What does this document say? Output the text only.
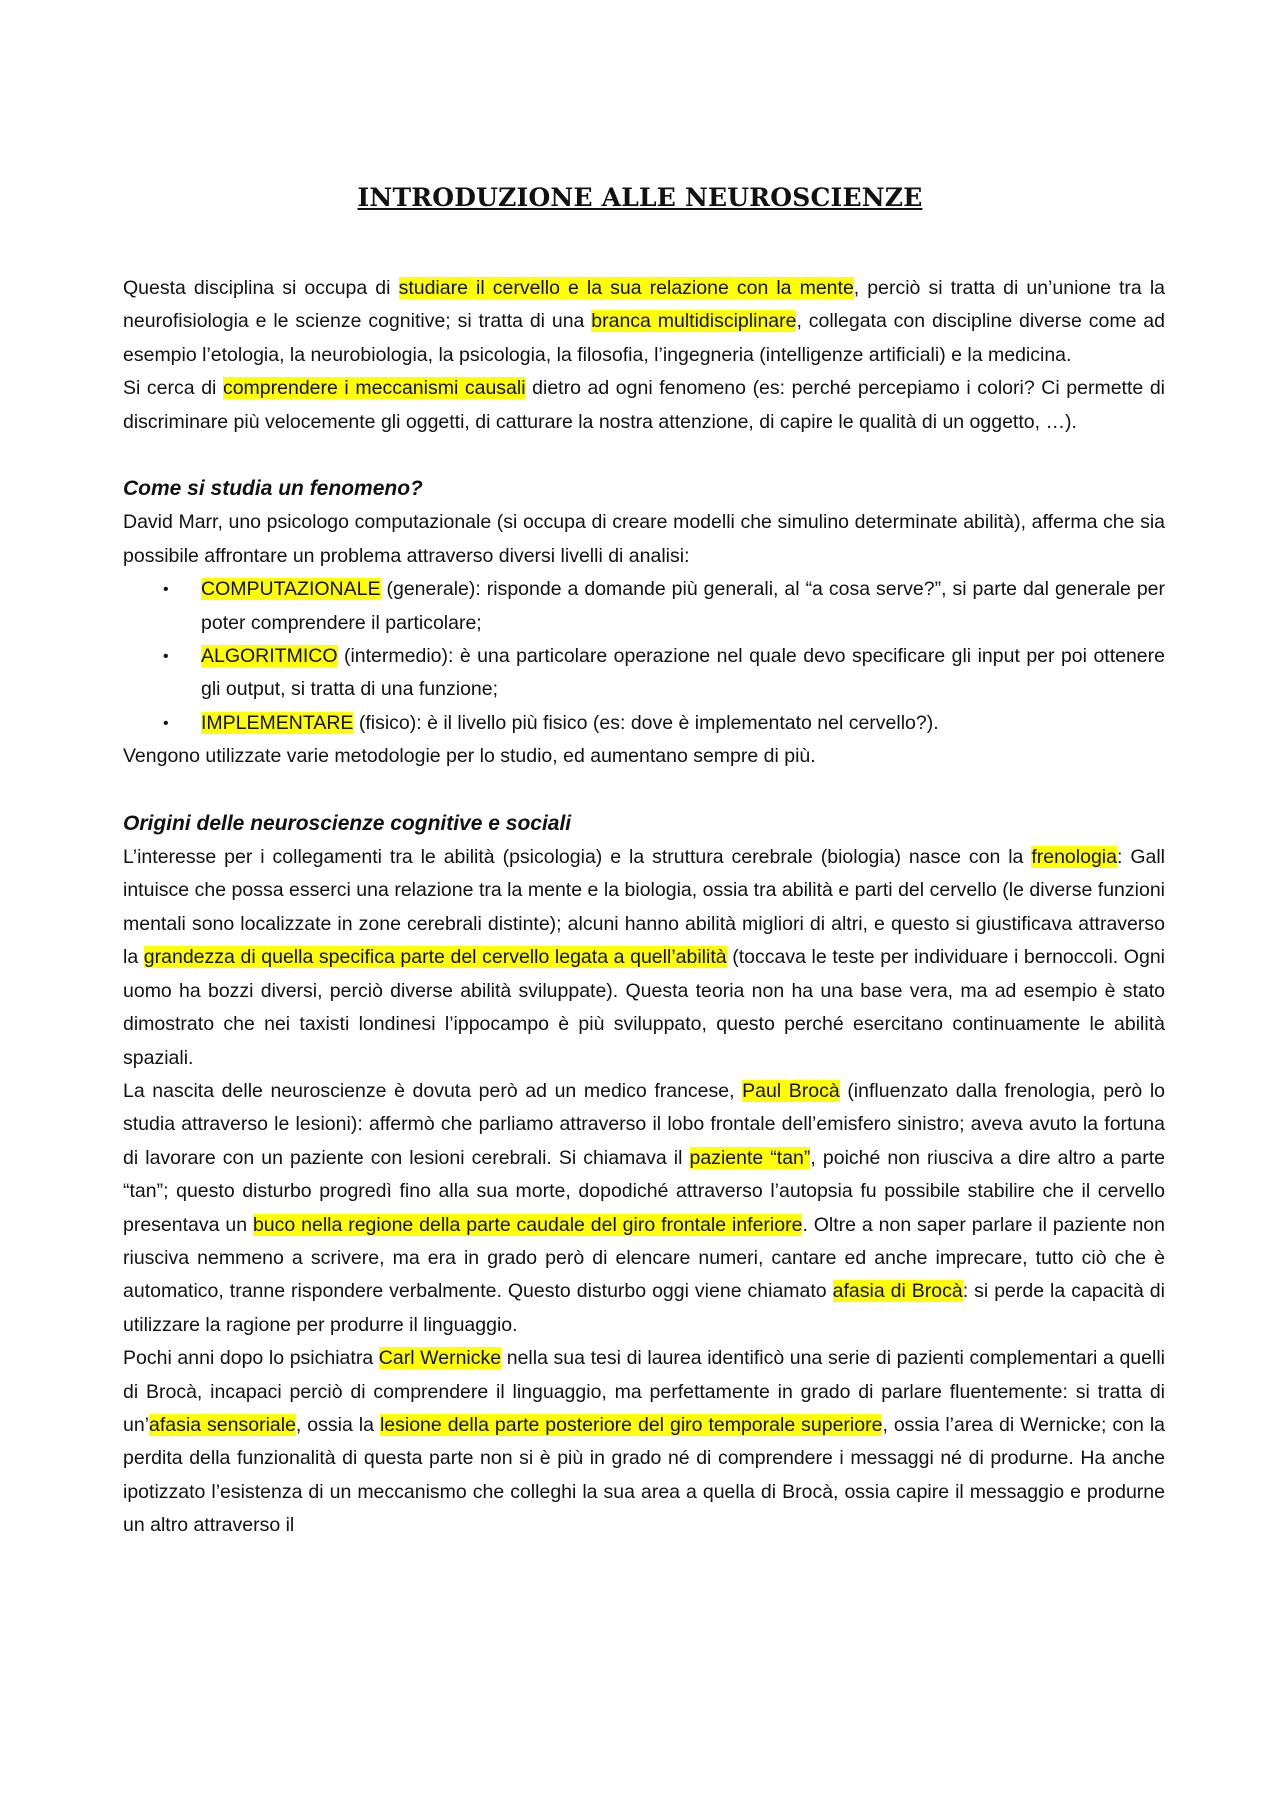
INTRODUZIONE ALLE NEUROSCIENZE

Questa disciplina si occupa di studiare il cervello e la sua relazione con la mente, perciò si tratta di un’unione tra la neurofisiologia e le scienze cognitive; si tratta di una branca multidisciplinare, collegata con discipline diverse come ad esempio l’etologia, la neurobiologia, la psicologia, la filosofia, l’ingegneria (intelligenze artificiali) e la medicina.

Si cerca di comprendere i meccanismi causali dietro ad ogni fenomeno (es: perché percepiamo i colori? Ci permette di discriminare più velocemente gli oggetti, di catturare la nostra attenzione, di capire le qualità di un oggetto, …).

Come si studia un fenomeno?

David Marr, uno psicologo computazionale (si occupa di creare modelli che simulino determinate abilità), afferma che sia possibile affrontare un problema attraverso diversi livelli di analisi:

• COMPUTAZIONALE (generale): risponde a domande più generali, al “a cosa serve?”, si parte dal generale per poter comprendere il particolare;
• ALGORITMICO (intermedio): è una particolare operazione nel quale devo specificare gli input per poi ottenere gli output, si tratta di una funzione;
• IMPLEMENTARE (fisico): è il livello più fisico (es: dove è implementato nel cervello?).

Vengono utilizzate varie metodologie per lo studio, ed aumentano sempre di più.

Origini delle neuroscienze cognitive e sociali

L’interesse per i collegamenti tra le abilità (psicologia) e la struttura cerebrale (biologia) nasce con la frenologia: Gall intuisce che possa esserci una relazione tra la mente e la biologia, ossia tra abilità e parti del cervello (le diverse funzioni mentali sono localizzate in zone cerebrali distinte); alcuni hanno abilità migliori di altri, e questo si giustificava attraverso la grandezza di quella specifica parte del cervello legata a quell’abilità (toccava le teste per individuare i bernoccoli. Ogni uomo ha bozzi diversi, perciò diverse abilità sviluppate). Questa teoria non ha una base vera, ma ad esempio è stato dimostrato che nei taxisti londinesi l’ippocampo è più sviluppato, questo perché esercitano continuamente le abilità spaziali.

La nascita delle neuroscienze è dovuta però ad un medico francese, Paul Brocà (influenzato dalla frenologia, però lo studia attraverso le lesioni): affermò che parliamo attraverso il lobo frontale dell’emisfero sinistro; aveva avuto la fortuna di lavorare con un paziente con lesioni cerebrali. Si chiamava il paziente “tan”, poiché non riusciva a dire altro a parte “tan”; questo disturbo progredì fino alla sua morte, dopodiché attraverso l’autopsia fu possibile stabilire che il cervello presentava un buco nella regione della parte caudale del giro frontale inferiore. Oltre a non saper parlare il paziente non riusciva nemmeno a scrivere, ma era in grado però di elencare numeri, cantare ed anche imprecare, tutto ciò che è automatico, tranne rispondere verbalmente. Questo disturbo oggi viene chiamato afasia di Brocà: si perde la capacità di utilizzare la ragione per produrre il linguaggio.

Pochi anni dopo lo psichiatra Carl Wernicke nella sua tesi di laurea identificò una serie di pazienti complementari a quelli di Brocà, incapaci perciò di comprendere il linguaggio, ma perfettamente in grado di parlare fluentemente: si tratta di un’afasia sensoriale, ossia la lesione della parte posteriore del giro temporale superiore, ossia l’area di Wernicke; con la perdita della funzionalità di questa parte non si è più in grado né di comprendere i messaggi né di produrne. Ha anche ipotizzato l’esistenza di un meccanismo che colleghi la sua area a quella di Brocà, ossia capire il messaggio e produrne un altro attraverso il
